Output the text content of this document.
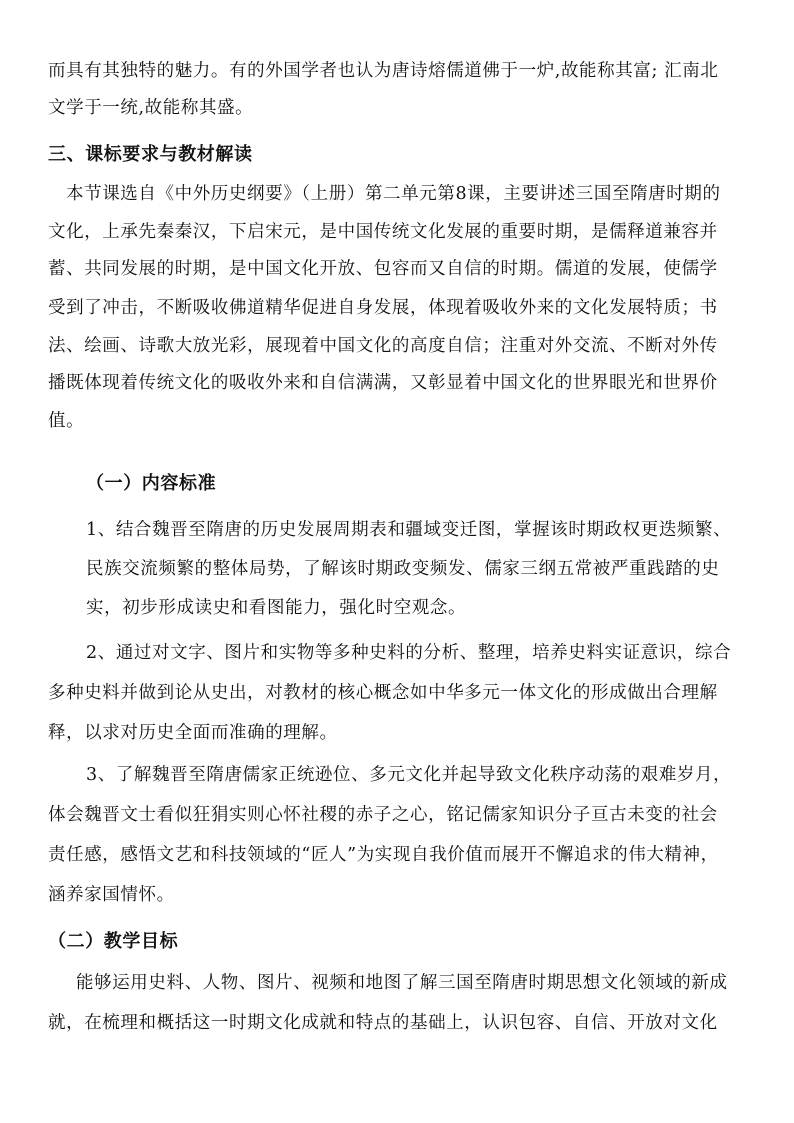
而具有其独特的魅力。有的外国学者也认为唐诗熔儒道佛于一炉,故能称其富; 汇南北
文学于一统,故能称其盛。
三、课标要求与教材解读
本节课选自《中外历史纲要》（上册）第二单元第8课，主要讲述三国至隋唐时期的
文化，上承先秦秦汉，下启宋元，是中国传统文化发展的重要时期，是儒释道兼容并
蓄、共同发展的时期，是中国文化开放、包容而又自信的时期。儒道的发展，使儒学
受到了冲击，不断吸收佛道精华促进自身发展，体现着吸收外来的文化发展特质；书
法、绘画、诗歌大放光彩，展现着中国文化的高度自信；注重对外交流、不断对外传
播既体现着传统文化的吸收外来和自信满满，又彰显着中国文化的世界眼光和世界价
值。
（一）内容标准
1、结合魏晋至隋唐的历史发展周期表和疆域变迁图，掌握该时期政权更迭频繁、
民族交流频繁的整体局势，了解该时期政变频发、儒家三纲五常被严重践踏的史
实，初步形成读史和看图能力，强化时空观念。
2、通过对文字、图片和实物等多种史料的分析、整理，培养史料实证意识，综合
多种史料并做到论从史出，对教材的核心概念如中华多元一体文化的形成做出合理解
释，以求对历史全面而准确的理解。
3、了解魏晋至隋唐儒家正统逊位、多元文化并起导致文化秩序动荡的艰难岁月，
体会魏晋文士看似狂狷实则心怀社稷的赤子之心，铭记儒家知识分子亘古未变的社会
责任感，感悟文艺和科技领域的“匠人”为实现自我价值而展开不懈追求的伟大精神，
涵养家国情怀。
（二）教学目标
能够运用史料、人物、图片、视频和地图了解三国至隋唐时期思想文化领域的新成
就，在梳理和概括这一时期文化成就和特点的基础上，认识包容、自信、开放对文化
